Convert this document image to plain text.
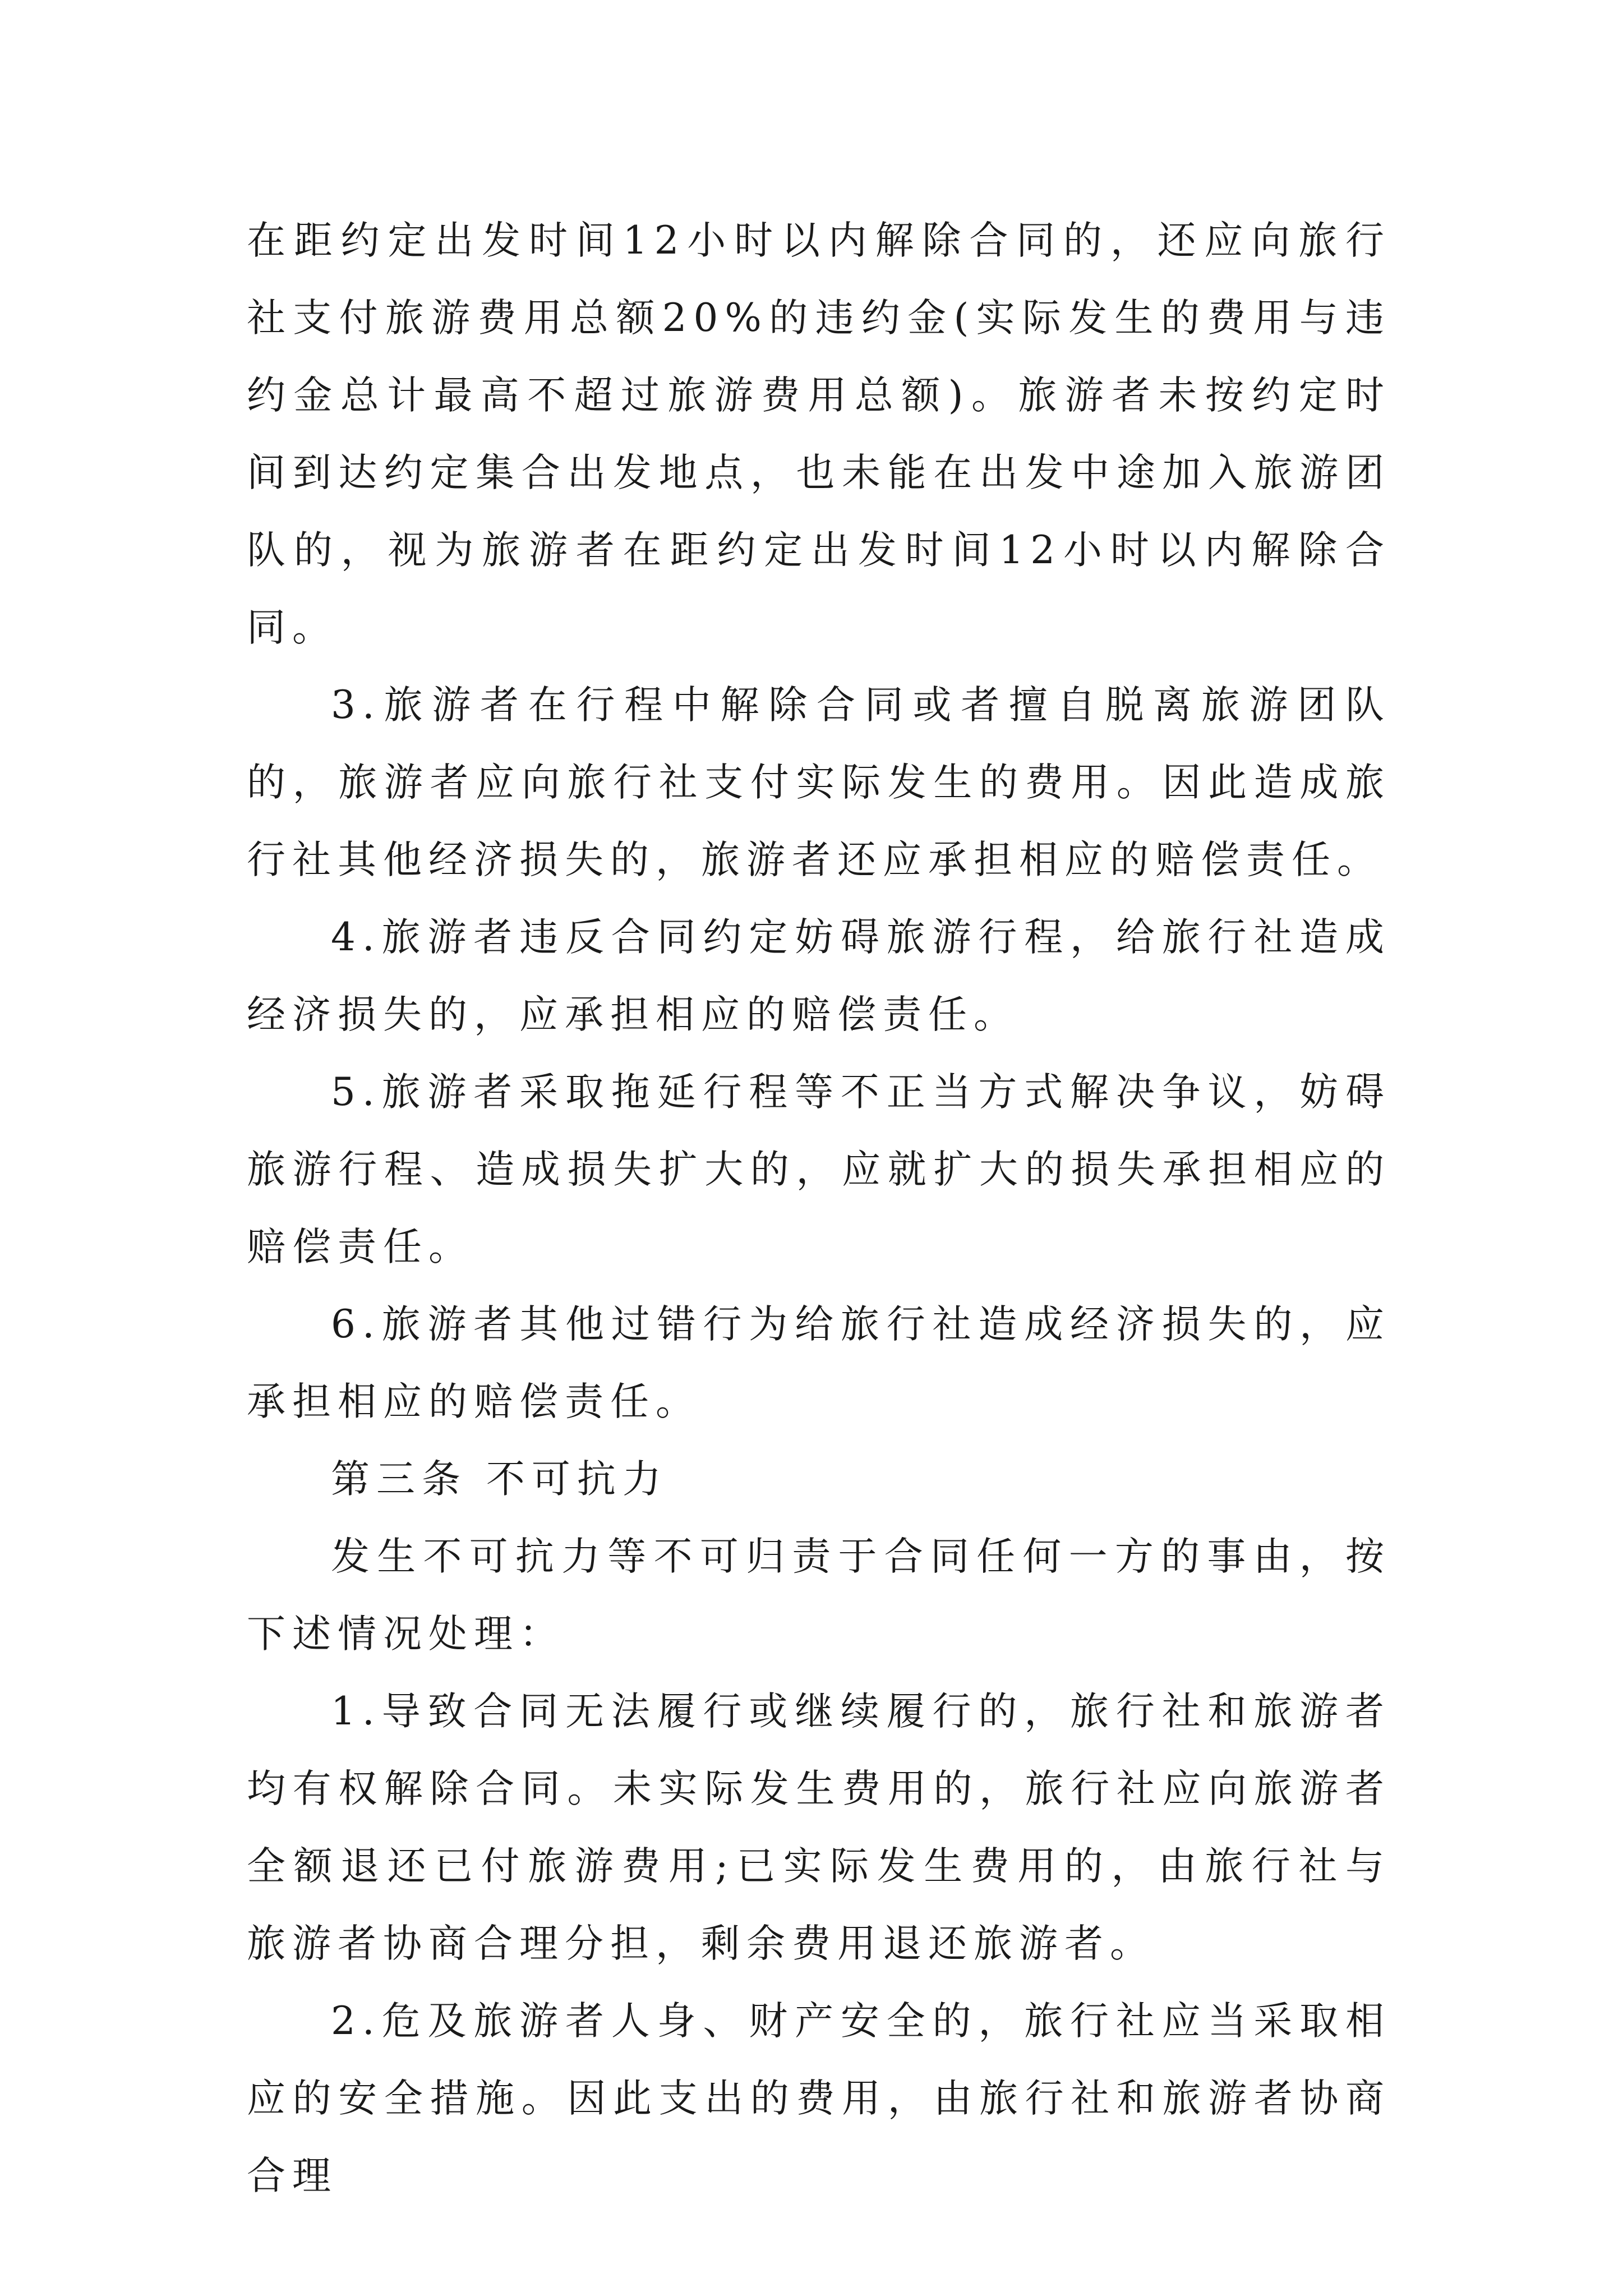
在距约定出发时间12小时以内解除合同的，还应向旅行社支付旅游费用总额20%的违约金(实际发生的费用与违约金总计最高不超过旅游费用总额)。旅游者未按约定时间到达约定集合出发地点，也未能在出发中途加入旅游团队的，视为旅游者在距约定出发时间12小时以内解除合同。

3.旅游者在行程中解除合同或者擅自脱离旅游团队的，旅游者应向旅行社支付实际发生的费用。因此造成旅行社其他经济损失的，旅游者还应承担相应的赔偿责任。

4.旅游者违反合同约定妨碍旅游行程，给旅行社造成经济损失的，应承担相应的赔偿责任。

5.旅游者采取拖延行程等不正当方式解决争议，妨碍旅游行程、造成损失扩大的，应就扩大的损失承担相应的赔偿责任。

6.旅游者其他过错行为给旅行社造成经济损失的，应承担相应的赔偿责任。

第三条 不可抗力

发生不可抗力等不可归责于合同任何一方的事由，按下述情况处理：

1.导致合同无法履行或继续履行的，旅行社和旅游者均有权解除合同。未实际发生费用的，旅行社应向旅游者全额退还已付旅游费用;已实际发生费用的，由旅行社与旅游者协商合理分担，剩余费用退还旅游者。

2.危及旅游者人身、财产安全的，旅行社应当采取相应的安全措施。因此支出的费用，由旅行社和旅游者协商合理
